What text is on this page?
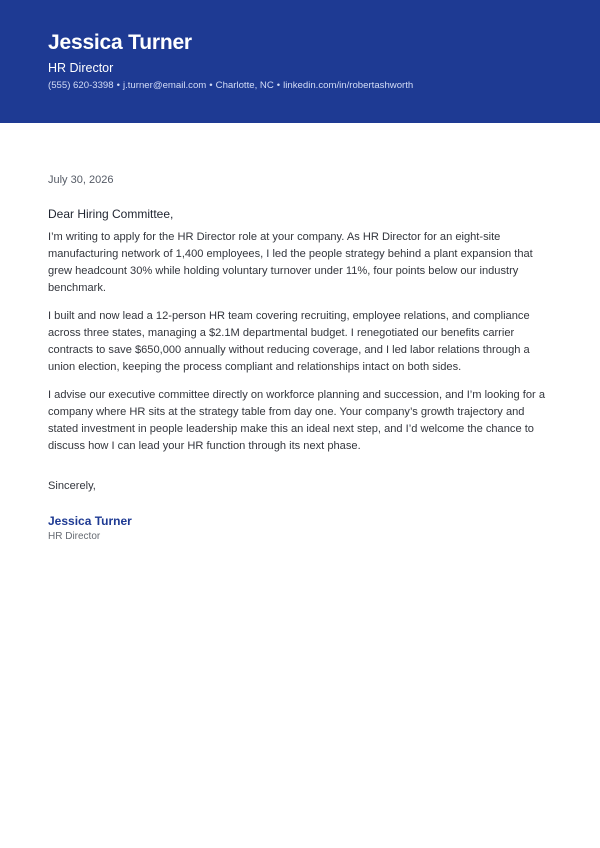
Jessica Turner
HR Director
(555) 620-3398 • j.turner@email.com • Charlotte, NC • linkedin.com/in/robertashworth
July 30, 2026
Dear Hiring Committee,
I’m writing to apply for the HR Director role at your company. As HR Director for an eight-site manufacturing network of 1,400 employees, I led the people strategy behind a plant expansion that grew headcount 30% while holding voluntary turnover under 11%, four points below our industry benchmark.
I built and now lead a 12-person HR team covering recruiting, employee relations, and compliance across three states, managing a $2.1M departmental budget. I renegotiated our benefits carrier contracts to save $650,000 annually without reducing coverage, and I led labor relations through a union election, keeping the process compliant and relationships intact on both sides.
I advise our executive committee directly on workforce planning and succession, and I’m looking for a company where HR sits at the strategy table from day one. Your company’s growth trajectory and stated investment in people leadership make this an ideal next step, and I’d welcome the chance to discuss how I can lead your HR function through its next phase.
Sincerely,
Jessica Turner
HR Director
